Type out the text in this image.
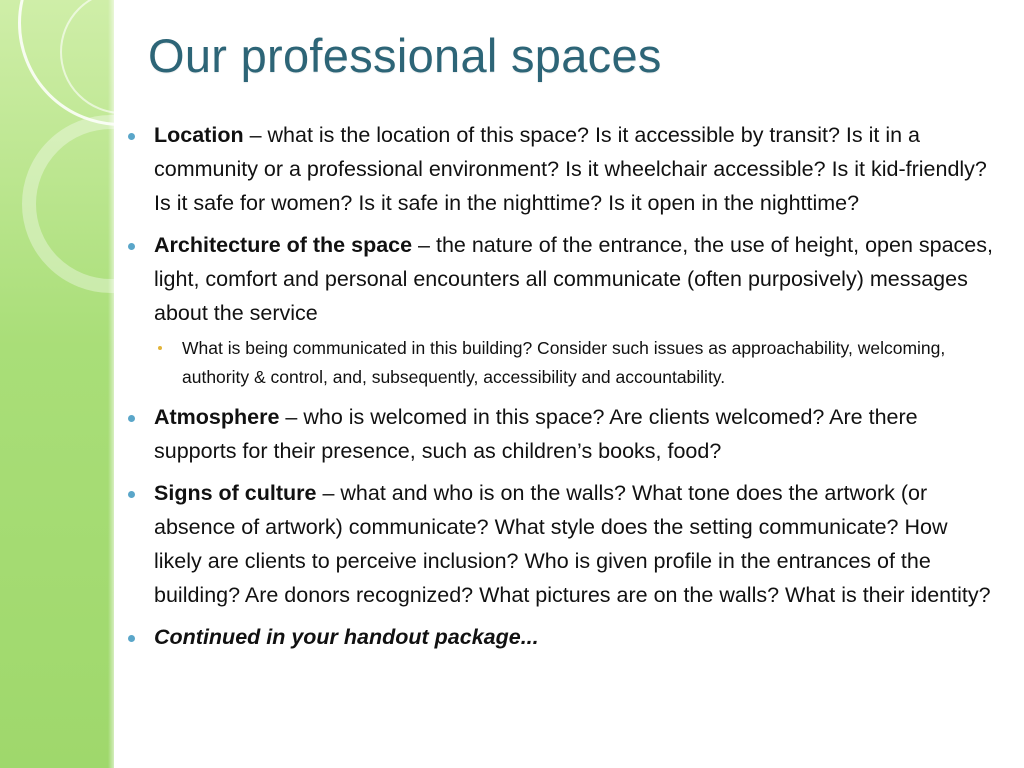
Our professional spaces
Location – what is the location of this space? Is it accessible by transit? Is it in a community or a professional environment? Is it wheelchair accessible? Is it kid-friendly? Is it safe for women? Is it safe in the nighttime? Is it open in the nighttime?
Architecture of the space – the nature of the entrance, the use of height, open spaces, light, comfort and personal encounters all communicate (often purposively) messages about the service
What is being communicated in this building? Consider such issues as approachability, welcoming, authority & control, and, subsequently, accessibility and accountability.
Atmosphere – who is welcomed in this space? Are clients welcomed? Are there supports for their presence, such as children’s books, food?
Signs of culture – what and who is on the walls? What tone does the artwork (or absence of artwork) communicate? What style does the setting communicate? How likely are clients to perceive inclusion? Who is given profile in the entrances of the building? Are donors recognized? What pictures are on the walls? What is their identity?
Continued in your handout package...
